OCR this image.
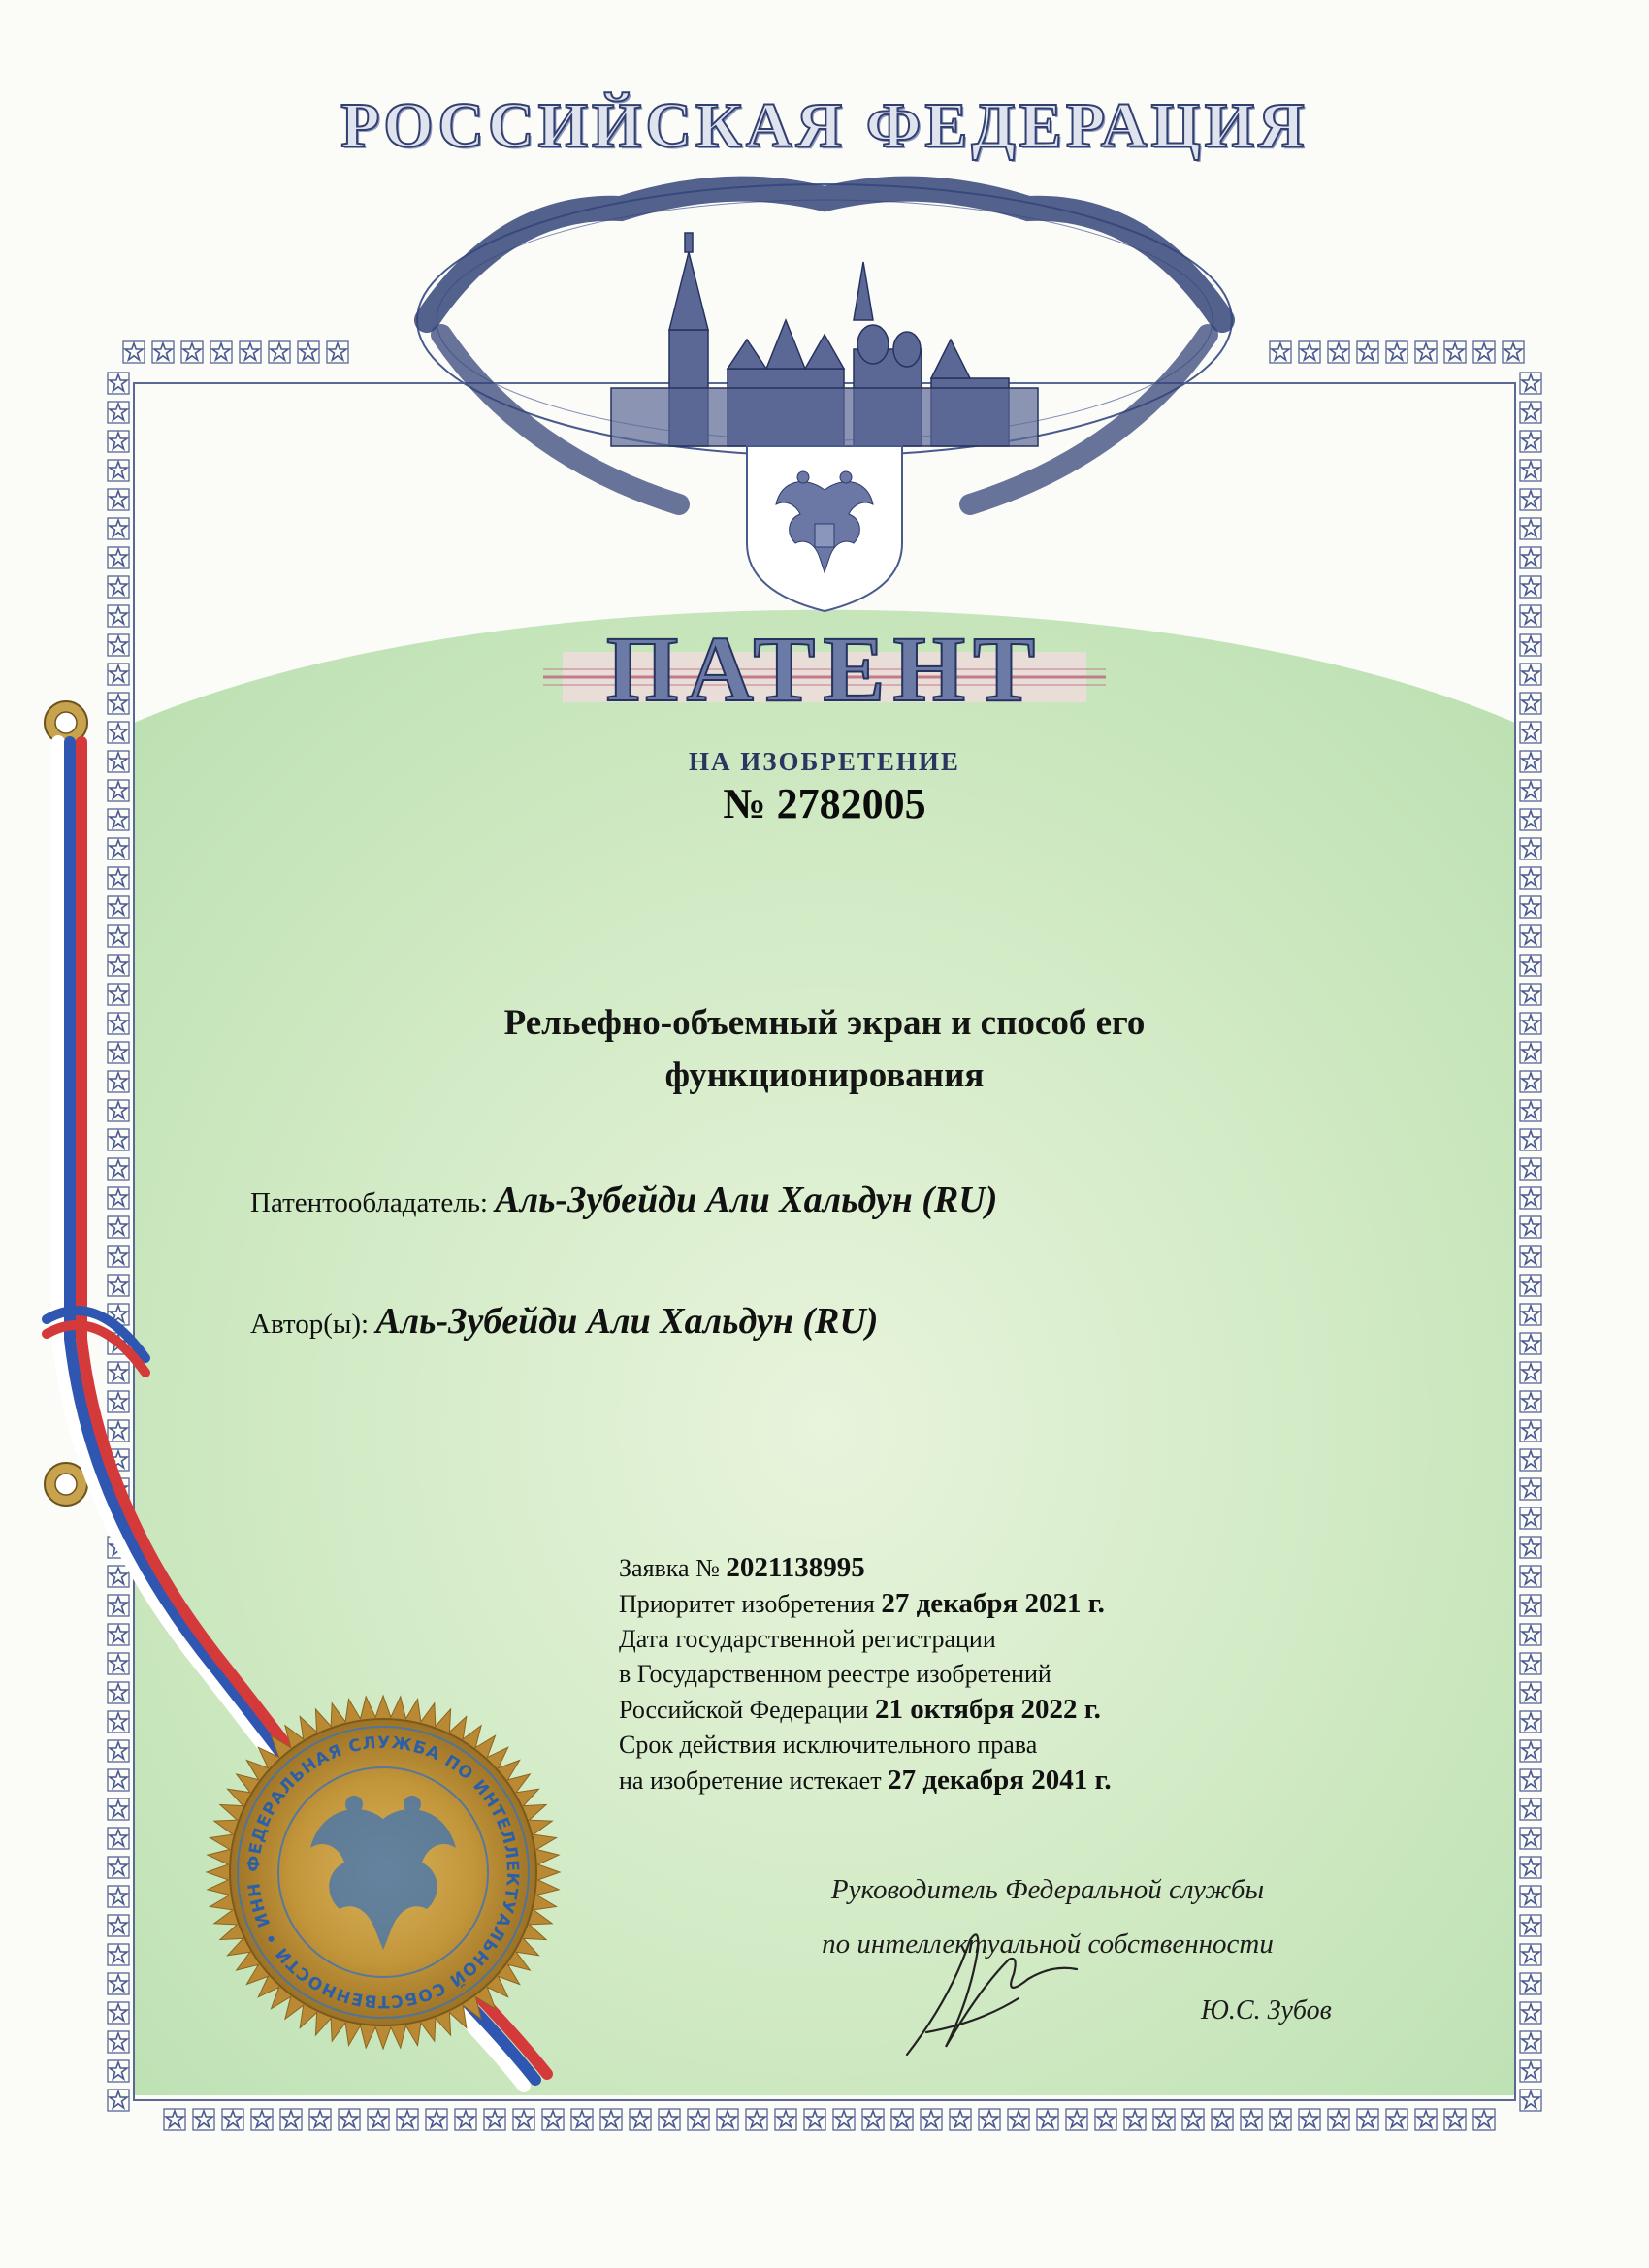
ФЕДЕРАЛЬНАЯ СЛУЖБА ПО ИНТЕЛЛЕКТУАЛЬНОЙ СОБСТВЕННОСТИ • ИНН
РОССИЙСКАЯ ФЕДЕРАЦИЯ
ПАТЕНТ
НА ИЗОБРЕТЕНИЕ
№ 2782005
Рельефно-объемный экран и способ его
функционирования
Патентообладатель: Аль-Зубейди Али Хальдун (RU)
Автор(ы): Аль-Зубейди Али Хальдун (RU)
Заявка № 2021138995
Приоритет изобретения 27 декабря 2021 г.
Дата государственной регистрации
в Государственном реестре изобретений
Российской Федерации 21 октября 2022 г.
Срок действия исключительного права
на изобретение истекает 27 декабря 2041 г.
Руководитель Федеральной службы
по интеллектуальной собственности
Ю.С. Зубов
